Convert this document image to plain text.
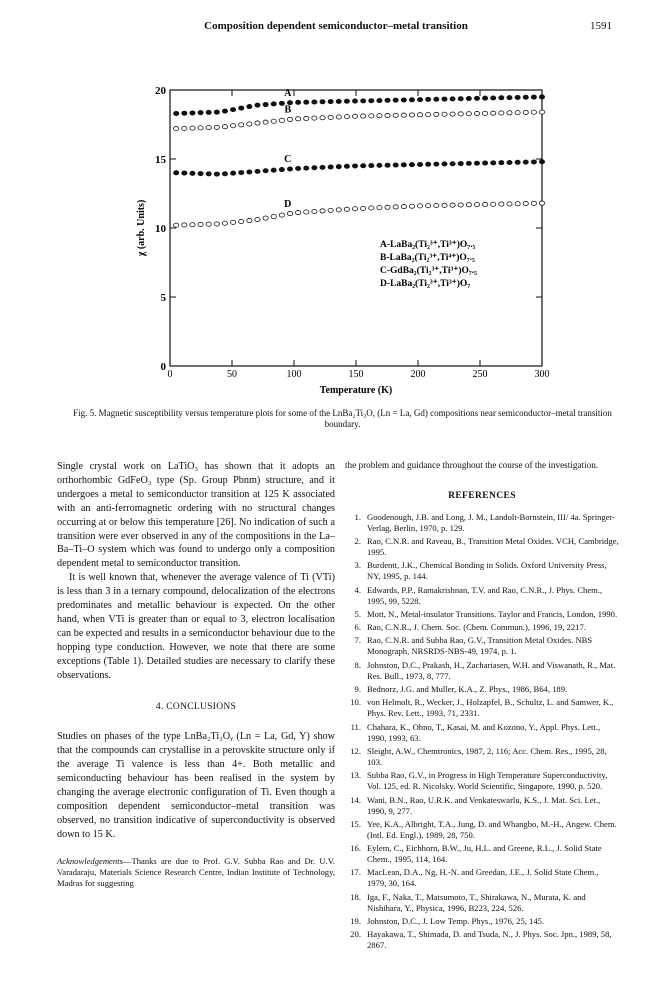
Composition dependent semiconductor–metal transition	1591
0	50	100	150	200	250	300
0
5
10
15
20
Temperature (K)
χ (arb. Units)
A
B
C
D
A-LaBa₂(Ti₂³⁺,Ti³⁺)O₇.₅
B-LaBa₂(Ti₂³⁺,Ti⁴⁺)O₇.₅
C-GdBa₂(Ti₂³⁺,Ti³⁺)O₇.₅
D-LaBa₂(Ti₂³⁺,Ti³⁺)O₇
Fig. 5. Magnetic susceptibility versus temperature plots for some of the LnBa₂Ti₃O, (Ln = La, Gd) compositions near semiconductor–metal transition boundary.

Single crystal work on LaTiO₃ has shown that it adopts an orthorhombic GdFeO₃ type (Sp. Group Pbnm) structure, and it undergoes a metal to semiconductor transition at 125 K associated with an anti-ferromagnetic ordering with no structural changes occurring at or below this temperature [26]. No indication of such a transition were ever observed in any of the compositions in the La–Ba–Ti–O system which was found to undergo only a composition dependent metal to semiconductor transition.

It is well known that, whenever the average valence of Ti (VTi) is less than 3 in a ternary compound, delocalization of the electrons predominates and metallic behaviour is expected. On the other hand, when VTi is greater than or equal to 3, electron localisation can be expected and results in a semiconductor behaviour due to the hopping type conduction. However, we note that there are some exceptions (Table 1). Detailed studies are necessary to clarify these observations.

4. CONCLUSIONS

Studies on phases of the type LnBa₂Ti₃Oᵧ (Ln = La, Gd, Y) show that the compounds can crystallise in a perovskite structure only if the average Ti valence is less than 4+. Both metallic and semiconducting behaviour has been realised in the system by changing the average electronic configuration of Ti. Even though a composition dependent semiconductor–metal transition was observed, no transition indicative of superconductivity is observed down to 15 K.

Acknowledgements—Thanks are due to Prof. G.V. Subba Rao and Dr. U.V. Varadaraju, Materials Science Research Centre, Indian Institute of Technology, Madras for suggesting

the problem and guidance throughout the course of the investigation.

REFERENCES
1. Goodenough, J.B. and Long, J. M., Landolt-Bornstein, III/ 4a. Springer-Verlag, Berlin, 1970, p. 129.
2. Rao, C.N.R. and Raveau, B., Transition Metal Oxides. VCH, Cambridge, 1995.
3. Burdentt, J.K., Chemical Bonding in Solids. Oxford University Press, NY, 1995, p. 144.
4. Edwards, P.P., Ramakrishnan, T.V. and Rao, C.N.R., J. Phys. Chem., 1995, 99, 5228.
5. Mott, N., Metal-insulator Transitions. Taylor and Francis, London, 1990.
6. Rao, C.N.R., J. Chem. Soc. (Chem. Commun.), 1996, 19, 2217.
7. Rao, C.N.R. and Subba Rao, G.V., Transition Metal Oxides. NBS Monograph, NRSRDS-NBS-49, 1974, p. 1.
8. Johnston, D.C., Prakash, H., Zachariasen, W.H. and Viswanath, R., Mat. Res. Bull., 1973, 8, 777.
9. Bednorz, J.G. and Muller, K.A., Z. Phys., 1986, B64, 189.
10. von Helmolt, R., Wecker, J., Holzapfel, B., Schultz, L. and Samwer, K., Phys. Rev. Lett., 1993, 71, 2331.
11. Chahara, K., Ohno, T., Kasai, M. and Kozono, Y., Appl. Phys. Lett., 1990, 1993, 63.
12. Sleight, A.W., Chemtronics, 1987, 2, 116; Acc. Chem. Res., 1995, 28, 103.
13. Subba Rao, G.V., in Progress in High Temperature Superconductivity, Vol. 125, ed. R. Nicolsky. World Scientific, Singapore, 1990, p. 520.
14. Wani, B.N., Rao, U.R.K. and Venkateswarlu, K.S., J. Mat. Sci. Let., 1990, 9, 277.
15. Yee, K.A., Albright, T.A., Jung, D. and Whangbo, M.-H., Angew. Chem. (Intl. Ed. Engl.), 1989, 28, 750.
16. Eylem, C., Eichhorn, B.W., Ju, H.L. and Greene, R.L., J. Solid State Chem., 1995, 114, 164.
17. MacLean, D.A., Ng, H.-N. and Greedan, J.E., J. Solid State Chem., 1979, 30, 164.
18. Iga, F., Naka, T., Matsumoto, T., Shirakawa, N., Murata, K. and Nishihara, Y., Physica, 1996, B223, 224, 526.
19. Johnston, D.C., J. Low Temp. Phys., 1976, 25, 145.
20. Hayakawa, T., Shimada, D. and Tsuda, N., J. Phys. Soc. Jpn., 1989, 58, 2867.
